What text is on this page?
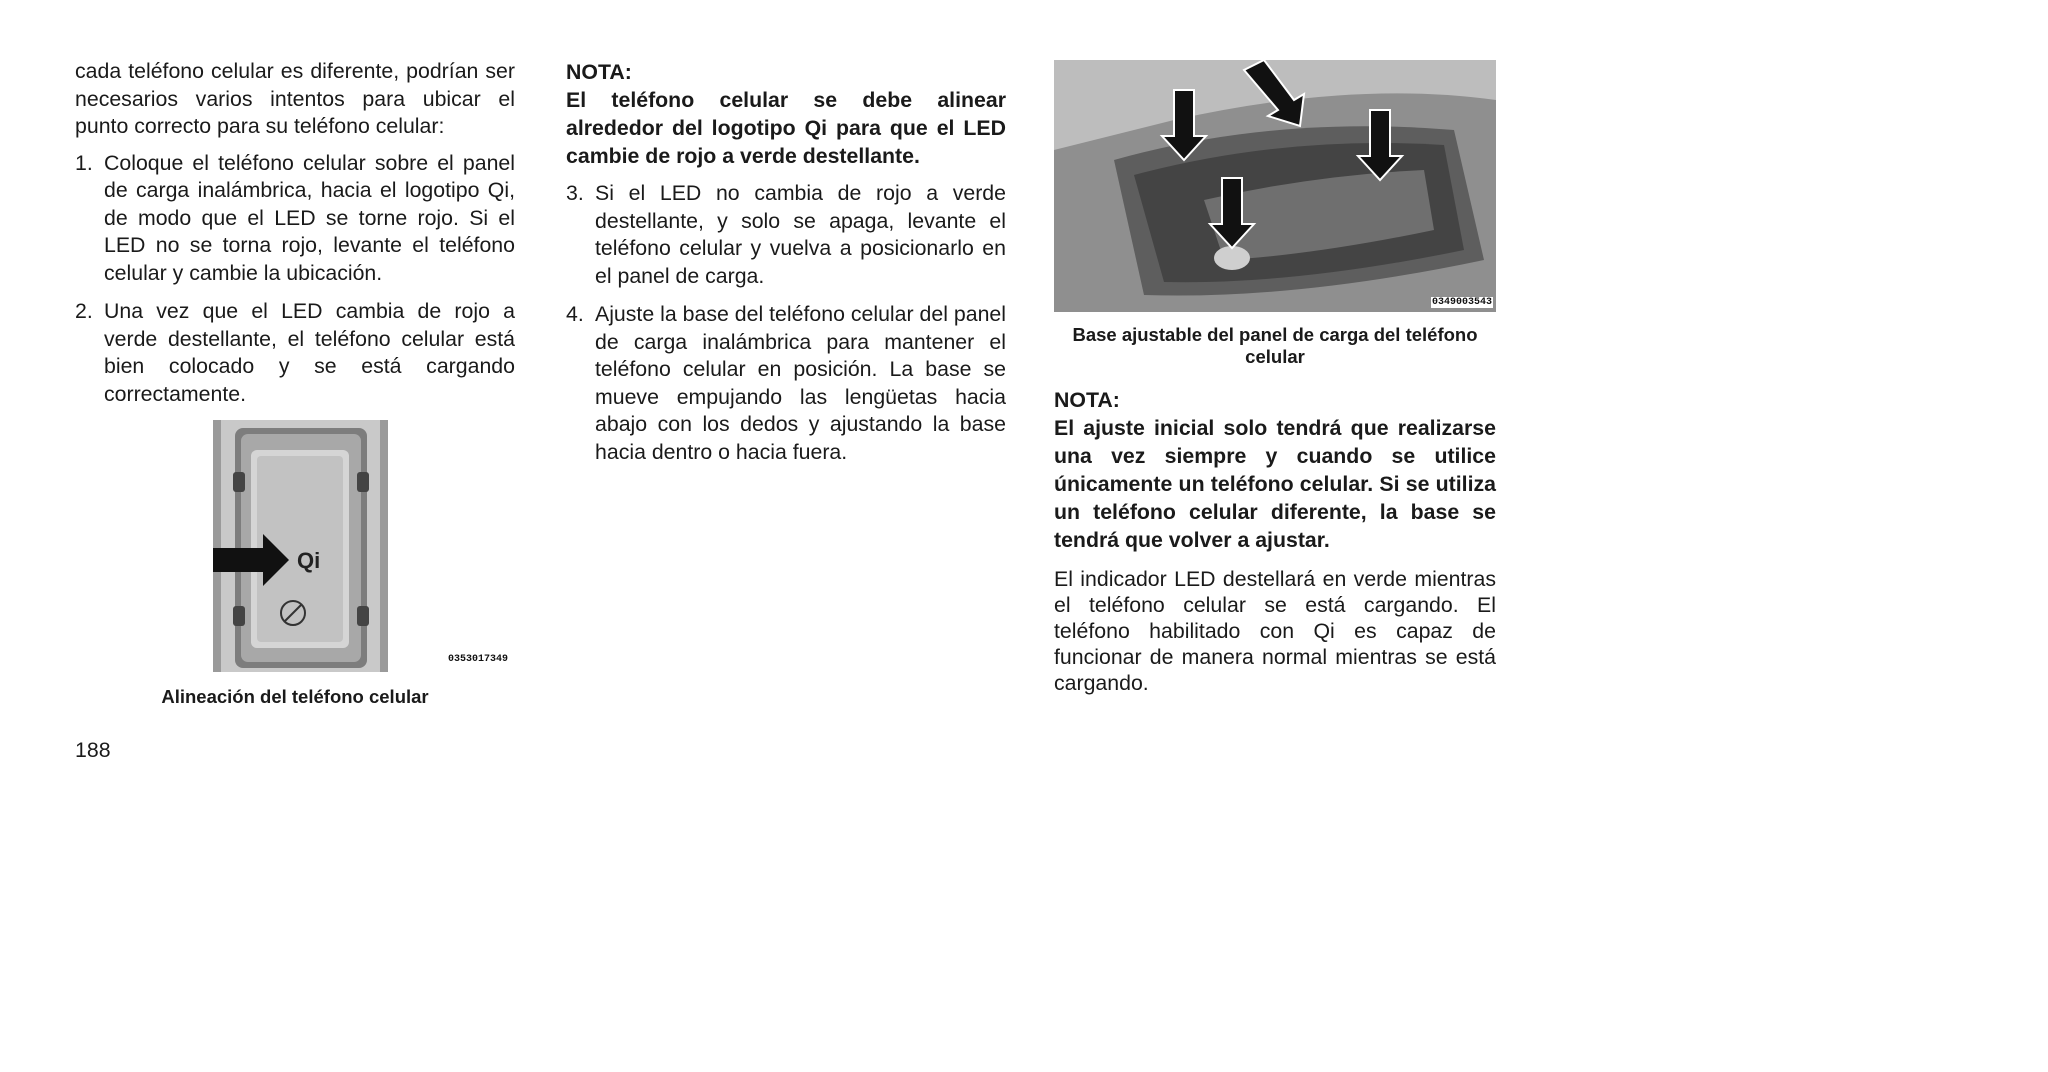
cada teléfono celular es diferente, podrían ser necesarios varios intentos para ubicar el punto correcto para su teléfono celular:

1. Coloque el teléfono celular sobre el panel de carga inalámbrica, hacia el logotipo Qi, de modo que el LED se torne rojo. Si el LED no se torna rojo, levante el teléfono celular y cambie la ubicación.
2. Una vez que el LED cambia de rojo a verde destellante, el teléfono celular está bien colocado y se está cargando correctamente.
Qi
0353017349

Alineación del teléfono celular

NOTA:

El teléfono celular se debe alinear alrededor del logotipo Qi para que el LED cambie de rojo a verde destellante.

3. Si el LED no cambia de rojo a verde destellante, y solo se apaga, levante el teléfono celular y vuelva a posicionarlo en el panel de carga.
4. Ajuste la base del teléfono celular del panel de carga inalámbrica para mantener el teléfono celular en posición. La base se mueve empujando las lengüetas hacia abajo con los dedos y ajustando la base hacia dentro o hacia fuera.
0349003543

Base ajustable del panel de carga del teléfono celular

NOTA:

El ajuste inicial solo tendrá que realizarse una vez siempre y cuando se utilice únicamente un teléfono celular. Si se utiliza un teléfono celular diferente, la base se tendrá que volver a ajustar.

El indicador LED destellará en verde mientras el teléfono celular se está cargando. El teléfono habilitado con Qi es capaz de funcionar de manera normal mientras se está cargando.

188
